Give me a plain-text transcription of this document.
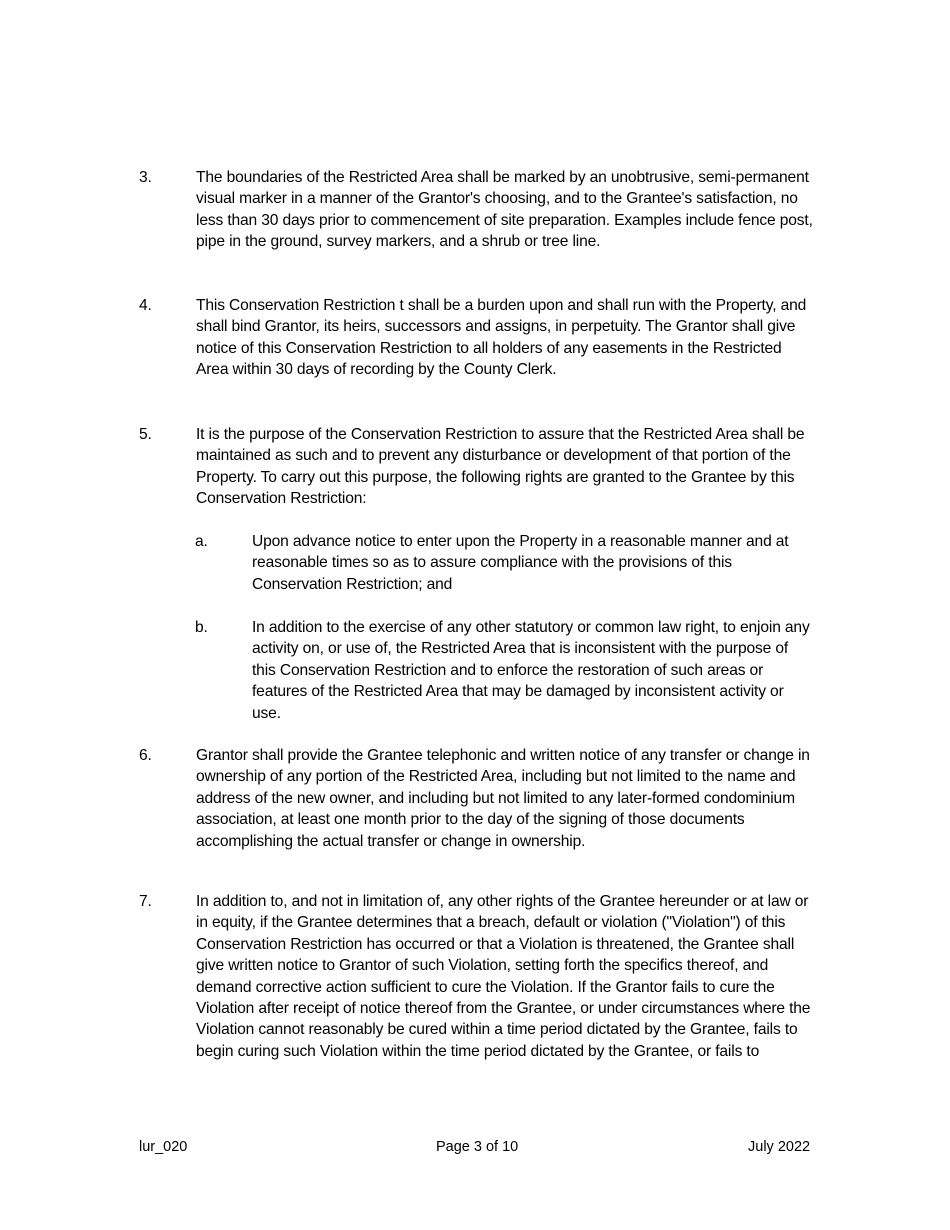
3.	The boundaries of the Restricted Area shall be marked by an unobtrusive, semi-permanent visual marker in a manner of the Grantor's choosing, and to the Grantee's satisfaction, no less than 30 days prior to commencement of site preparation. Examples include fence post, pipe in the ground, survey markers, and a shrub or tree line.
4.	This Conservation Restriction t shall be a burden upon and shall run with the Property, and shall bind Grantor, its heirs, successors and assigns, in perpetuity. The Grantor shall give notice of this Conservation Restriction to all holders of any easements in the Restricted Area within 30 days of recording by the County Clerk.
5.	It is the purpose of the Conservation Restriction to assure that the Restricted Area shall be maintained as such and to prevent any disturbance or development of that portion of the Property. To carry out this purpose, the following rights are granted to the Grantee by this Conservation Restriction:
a.	Upon advance notice to enter upon the Property in a reasonable manner and at reasonable times so as to assure compliance with the provisions of this Conservation Restriction; and
b.	In addition to the exercise of any other statutory or common law right, to enjoin any activity on, or use of, the Restricted Area that is inconsistent with the purpose of this Conservation Restriction and to enforce the restoration of such areas or features of the Restricted Area that may be damaged by inconsistent activity or use.
6.	Grantor shall provide the Grantee telephonic and written notice of any transfer or change in ownership of any portion of the Restricted Area, including but not limited to the name and address of the new owner, and including but not limited to any later-formed condominium association, at least one month prior to the day of the signing of those documents accomplishing the actual transfer or change in ownership.
7.	In addition to, and not in limitation of, any other rights of the Grantee hereunder or at law or in equity, if the Grantee determines that a breach, default or violation ("Violation") of this Conservation Restriction has occurred or that a Violation is threatened, the Grantee shall give written notice to Grantor of such Violation, setting forth the specifics thereof, and demand corrective action sufficient to cure the Violation. If the Grantor fails to cure the Violation after receipt of notice thereof from the Grantee, or under circumstances where the Violation cannot reasonably be cured within a time period dictated by the Grantee, fails to begin curing such Violation within the time period dictated by the Grantee, or fails to
lur_020	Page 3 of 10	July 2022
